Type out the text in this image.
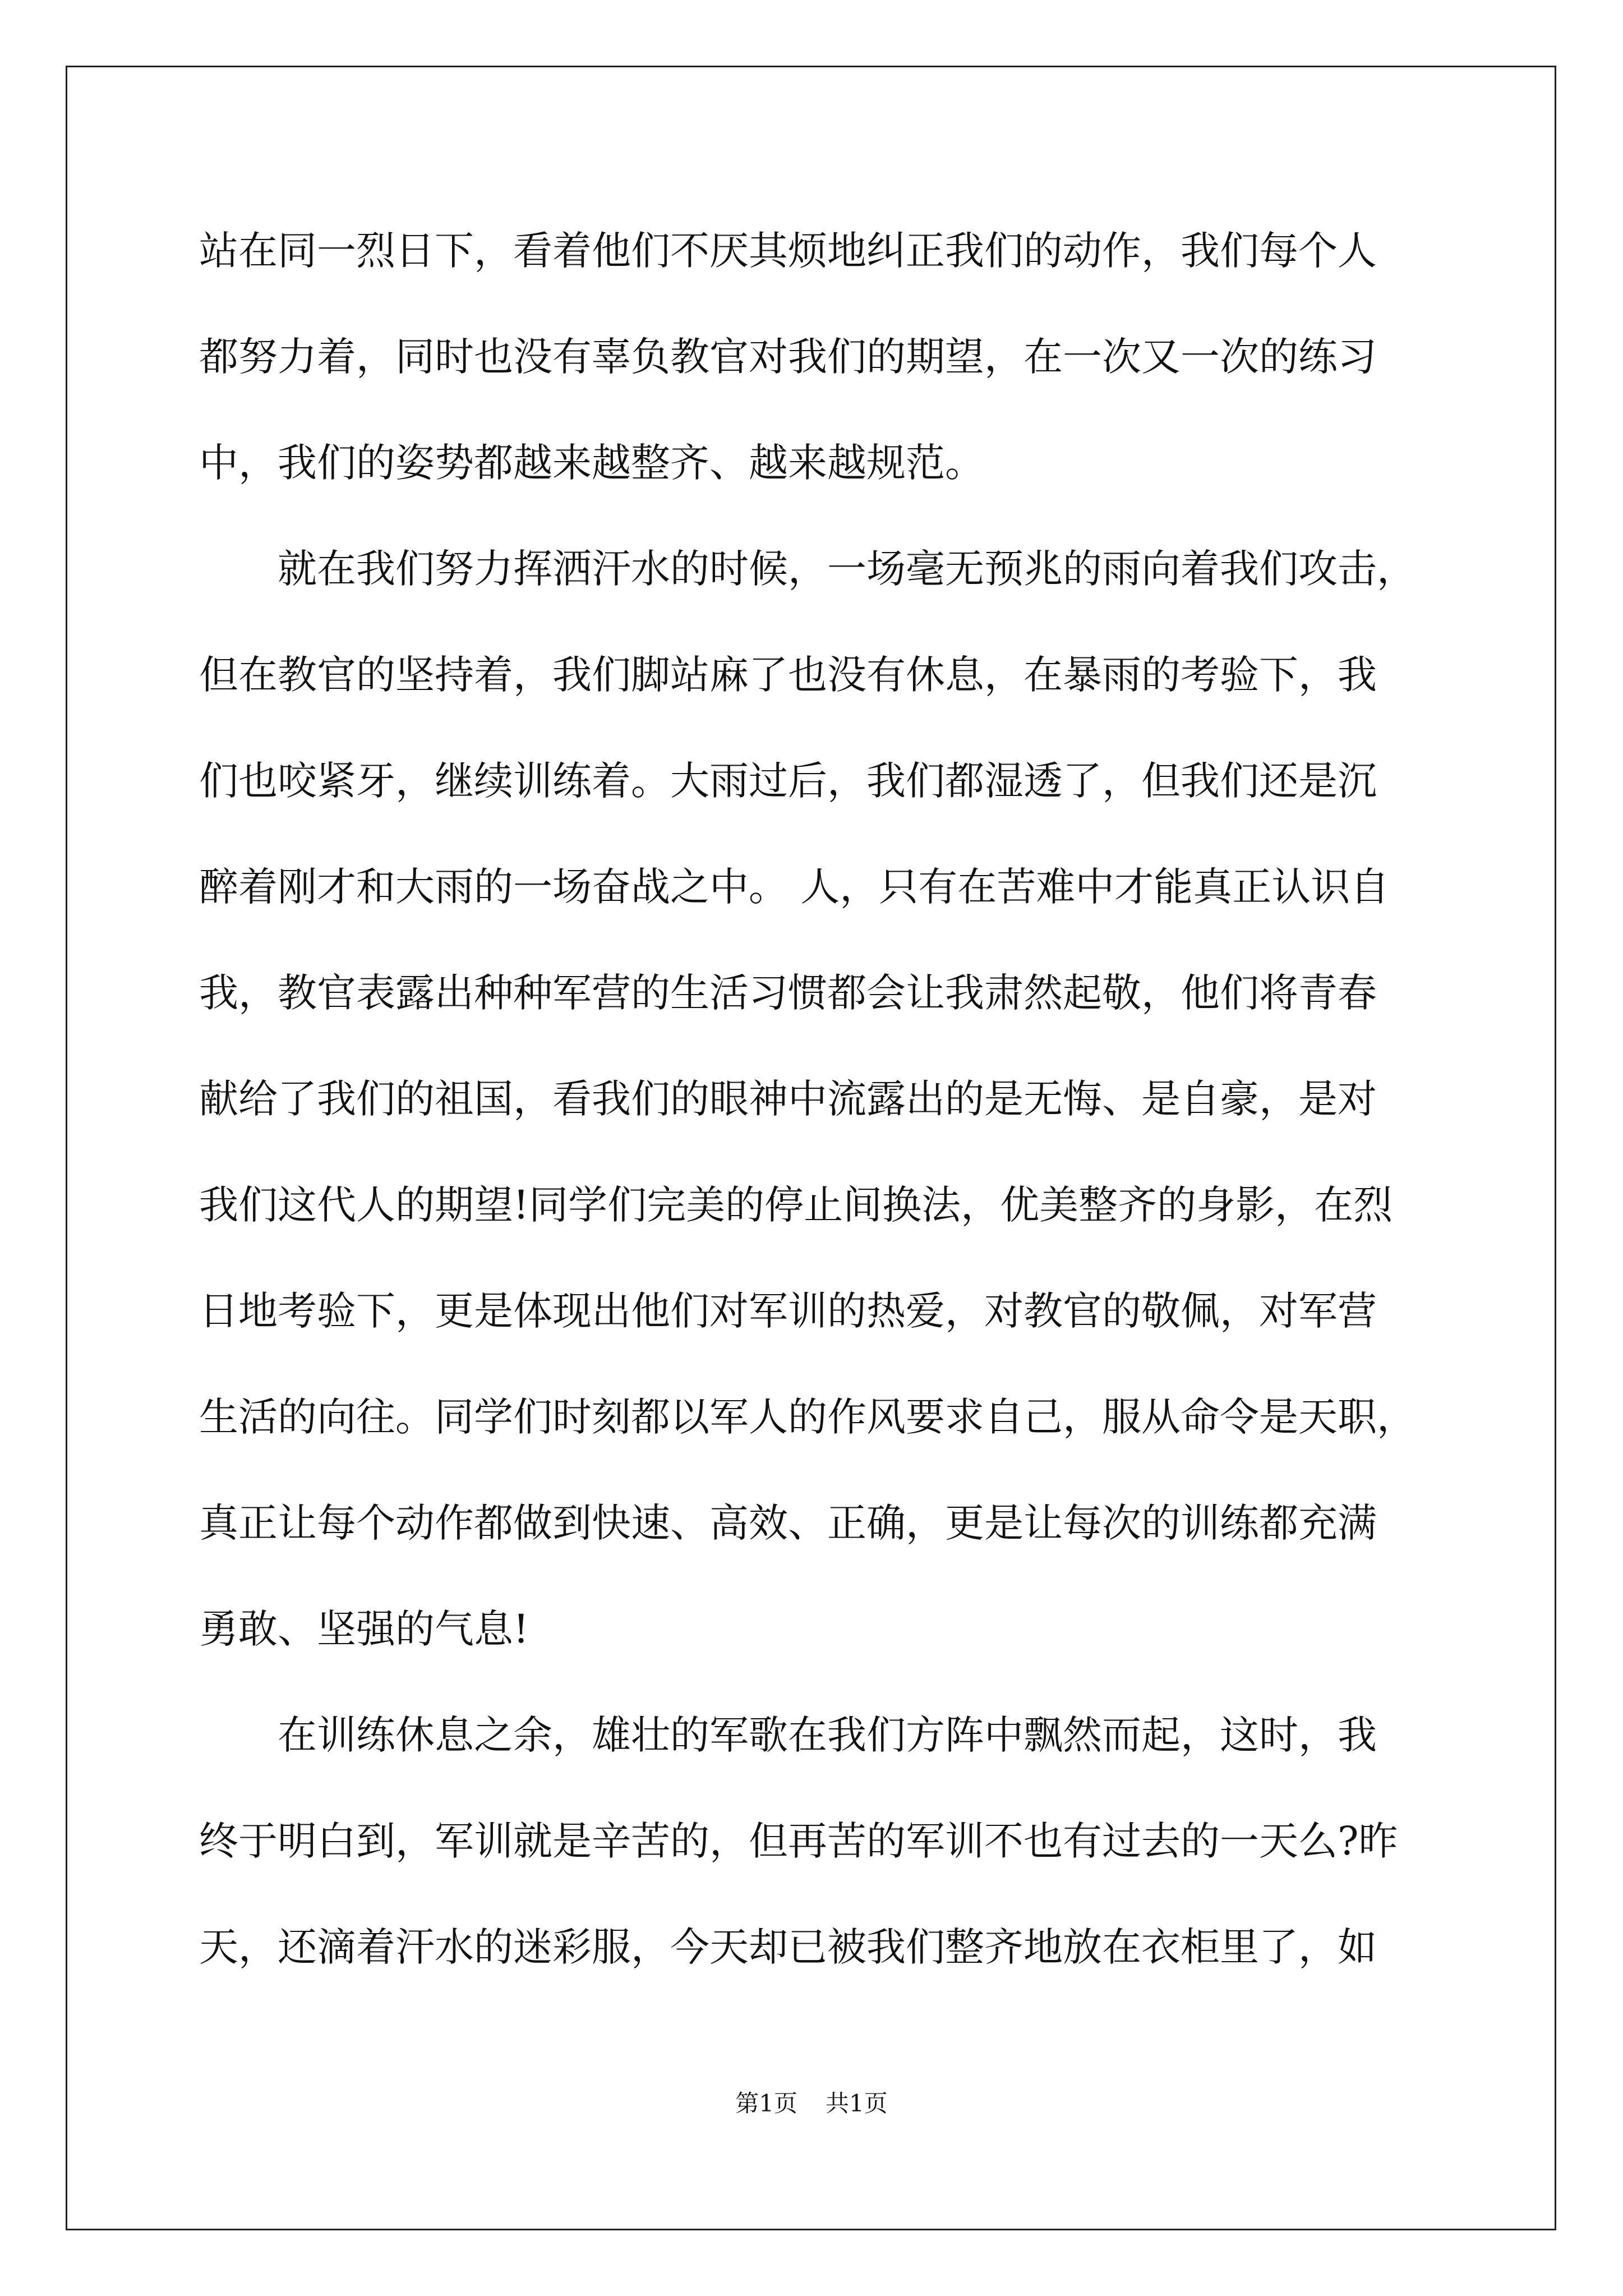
站在同一烈日下，看着他们不厌其烦地纠正我们的动作，我们每个人
都努力着，同时也没有辜负教官对我们的期望，在一次又一次的练习
中，我们的姿势都越来越整齐、越来越规范。
　　就在我们努力挥洒汗水的时候，一场毫无预兆的雨向着我们攻击，
但在教官的坚持着，我们脚站麻了也没有休息，在暴雨的考验下，我
们也咬紧牙，继续训练着。大雨过后，我们都湿透了，但我们还是沉
醉着刚才和大雨的一场奋战之中。 人，只有在苦难中才能真正认识自
我，教官表露出种种军营的生活习惯都会让我肃然起敬，他们将青春
献给了我们的祖国，看我们的眼神中流露出的是无悔、是自豪，是对
我们这代人的期望!同学们完美的停止间换法，优美整齐的身影，在烈
日地考验下，更是体现出他们对军训的热爱，对教官的敬佩，对军营
生活的向往。同学们时刻都以军人的作风要求自己，服从命令是天职，
真正让每个动作都做到快速、高效、正确，更是让每次的训练都充满
勇敢、坚强的气息!
　　在训练休息之余，雄壮的军歌在我们方阵中飘然而起，这时，我
终于明白到，军训就是辛苦的，但再苦的军训不也有过去的一天么?昨
天，还滴着汗水的迷彩服，今天却已被我们整齐地放在衣柜里了，如
第1页 共1页
